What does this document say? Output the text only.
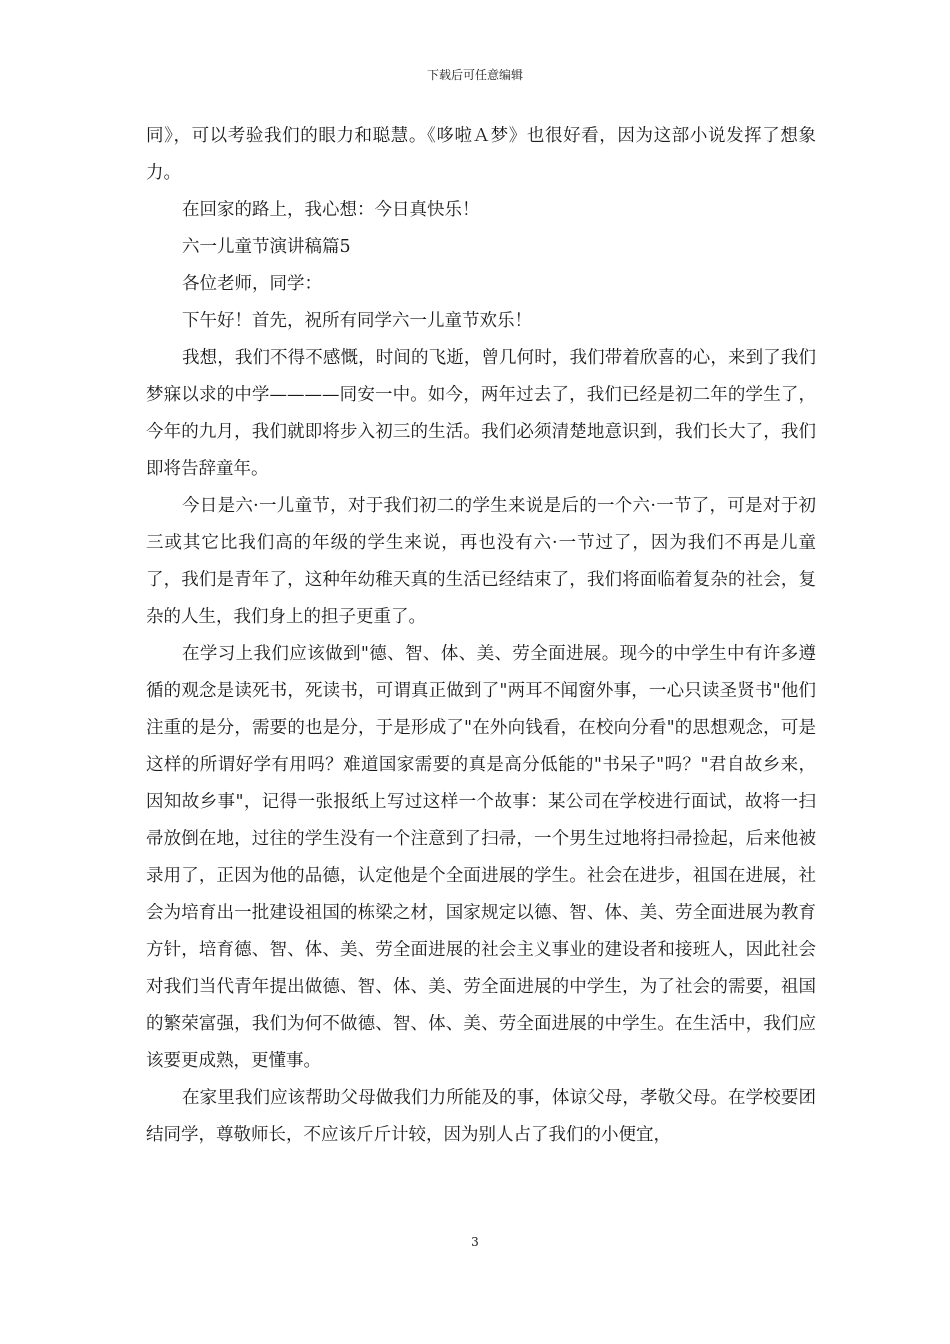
下载后可任意编辑

同》，可以考验我们的眼力和聪慧。《哆啦Ａ梦》也很好看，因为这部小说发挥了想象力。

在回家的路上，我心想：今日真快乐！

六一儿童节演讲稿篇5

各位老师，同学：

下午好！首先，祝所有同学六一儿童节欢乐！

我想，我们不得不感慨，时间的飞逝，曾几何时，我们带着欣喜的心，来到了我们梦寐以求的中学————同安一中。如今，两年过去了，我们已经是初二年的学生了，今年的九月，我们就即将步入初三的生活。我们必须清楚地意识到，我们长大了，我们即将告辞童年。

今日是六·一儿童节，对于我们初二的学生来说是后的一个六·一节了，可是对于初三或其它比我们高的年级的学生来说，再也没有六·一节过了，因为我们不再是儿童了，我们是青年了，这种年幼稚天真的生活已经结束了，我们将面临着复杂的社会，复杂的人生，我们身上的担子更重了。

在学习上我们应该做到"德、智、体、美、劳全面进展。现今的中学生中有许多遵循的观念是读死书，死读书，可谓真正做到了"两耳不闻窗外事，一心只读圣贤书"他们注重的是分，需要的也是分，于是形成了"在外向钱看，在校向分看"的思想观念，可是这样的所谓好学有用吗？难道国家需要的真是高分低能的"书呆子"吗？"君自故乡来，因知故乡事"，记得一张报纸上写过这样一个故事：某公司在学校进行面试，故将一扫帚放倒在地，过往的学生没有一个注意到了扫帚，一个男生过地将扫帚捡起，后来他被录用了，正因为他的品德，认定他是个全面进展的学生。社会在进步，祖国在进展，社会为培育出一批建设祖国的栋梁之材，国家规定以德、智、体、美、劳全面进展为教育方针，培育德、智、体、美、劳全面进展的社会主义事业的建设者和接班人，因此社会对我们当代青年提出做德、智、体、美、劳全面进展的中学生，为了社会的需要，祖国的繁荣富强，我们为何不做德、智、体、美、劳全面进展的中学生。在生活中，我们应该要更成熟，更懂事。

在家里我们应该帮助父母做我们力所能及的事，体谅父母，孝敬父母。在学校要团结同学，尊敬师长，不应该斤斤计较，因为别人占了我们的小便宜，

3
